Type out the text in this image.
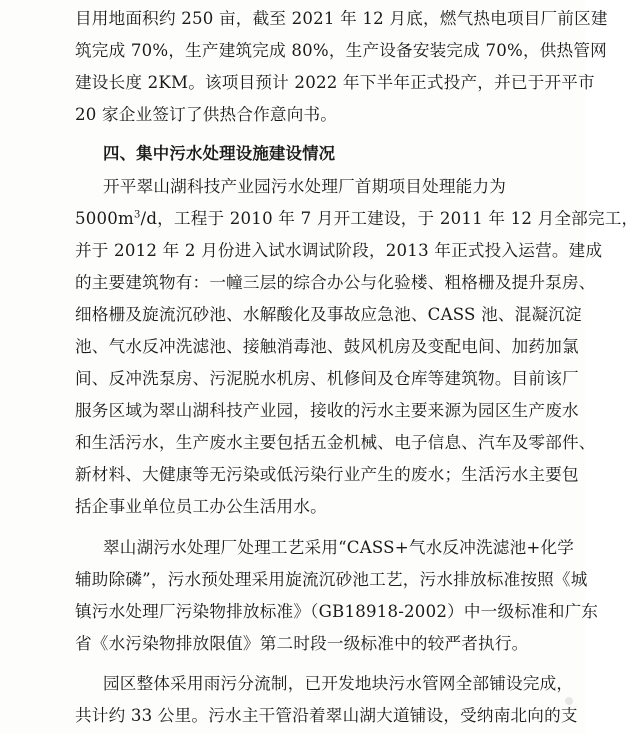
目用地面积约 250 亩，截至 2021 年 12 月底，燃气热电项目厂前区建
筑完成 70%，生产建筑完成 80%，生产设备安装完成 70%，供热管网
建设长度 2KM。该项目预计 2022 年下半年正式投产，并已于开平市
20 家企业签订了供热合作意向书。
四、集中污水处理设施建设情况
开平翠山湖科技产业园污水处理厂首期项目处理能力为
$5000m^3/d$，工程于 2010 年 7 月开工建设，于 2011 年 12 月全部完工，
并于 2012 年 2 月份进入试水调试阶段，2013 年正式投入运营。建成
的主要建筑物有：一幢三层的综合办公与化验楼、粗格栅及提升泵房、
细格栅及旋流沉砂池、水解酸化及事故应急池、CASS 池、混凝沉淀
池、气水反冲洗滤池、接触消毒池、鼓风机房及变配电间、加药加氯
间、反冲洗泵房、污泥脱水机房、机修间及仓库等建筑物。目前该厂
服务区域为翠山湖科技产业园，接收的污水主要来源为园区生产废水
和生活污水，生产废水主要包括五金机械、电子信息、汽车及零部件、
新材料、大健康等无污染或低污染行业产生的废水；生活污水主要包
括企事业单位员工办公生活用水。
翠山湖污水处理厂处理工艺采用“CASS+气水反冲洗滤池+化学
辅助除磷”，污水预处理采用旋流沉砂池工艺，污水排放标准按照《城
镇污水处理厂污染物排放标准》（GB18918-2002）中一级标准和广东
省《水污染物排放限值》第二时段一级标准中的较严者执行。
园区整体采用雨污分流制，已开发地块污水管网全部铺设完成，
共计约 33 公里。污水主干管沿着翠山湖大道铺设，受纳南北向的支
